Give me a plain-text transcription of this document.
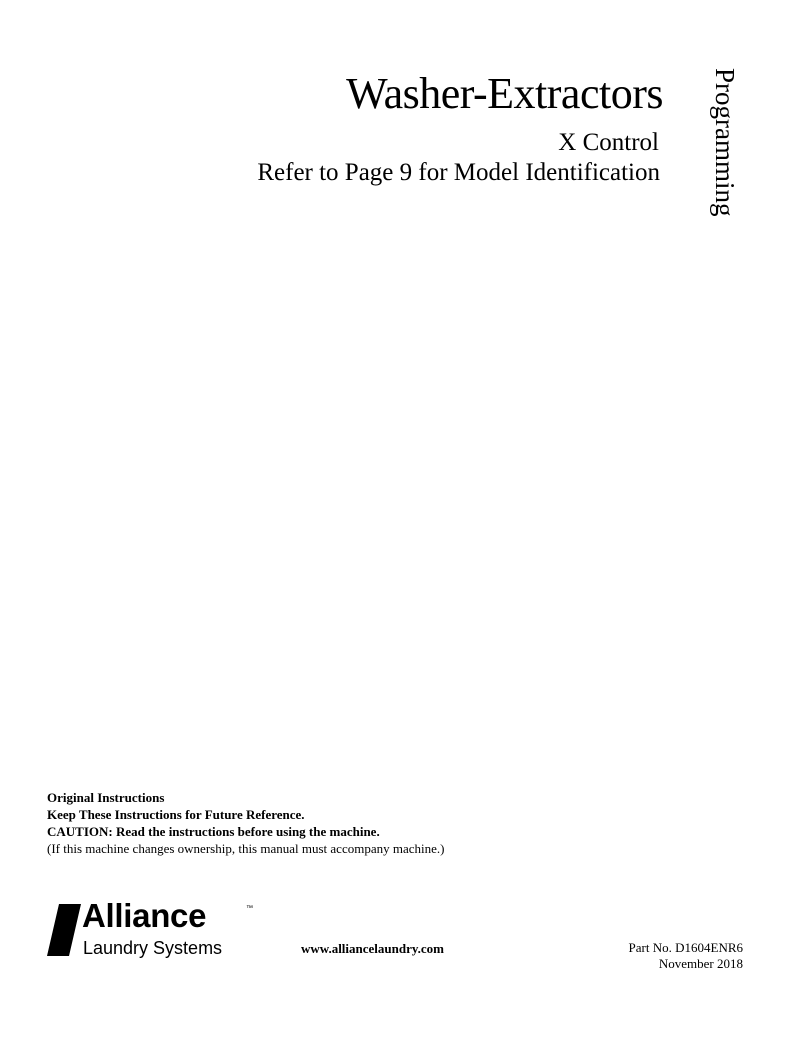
Washer-Extractors
X Control
Refer to Page 9 for Model Identification Programming
Original Instructions
Keep These Instructions for Future Reference.
CAUTION: Read the instructions before using the machine.
(If this machine changes ownership, this manual must accompany machine.)
Alliance	™
Laundry Systems	www.alliancelaundry.com	Part No. D1604ENR6
November 2018
